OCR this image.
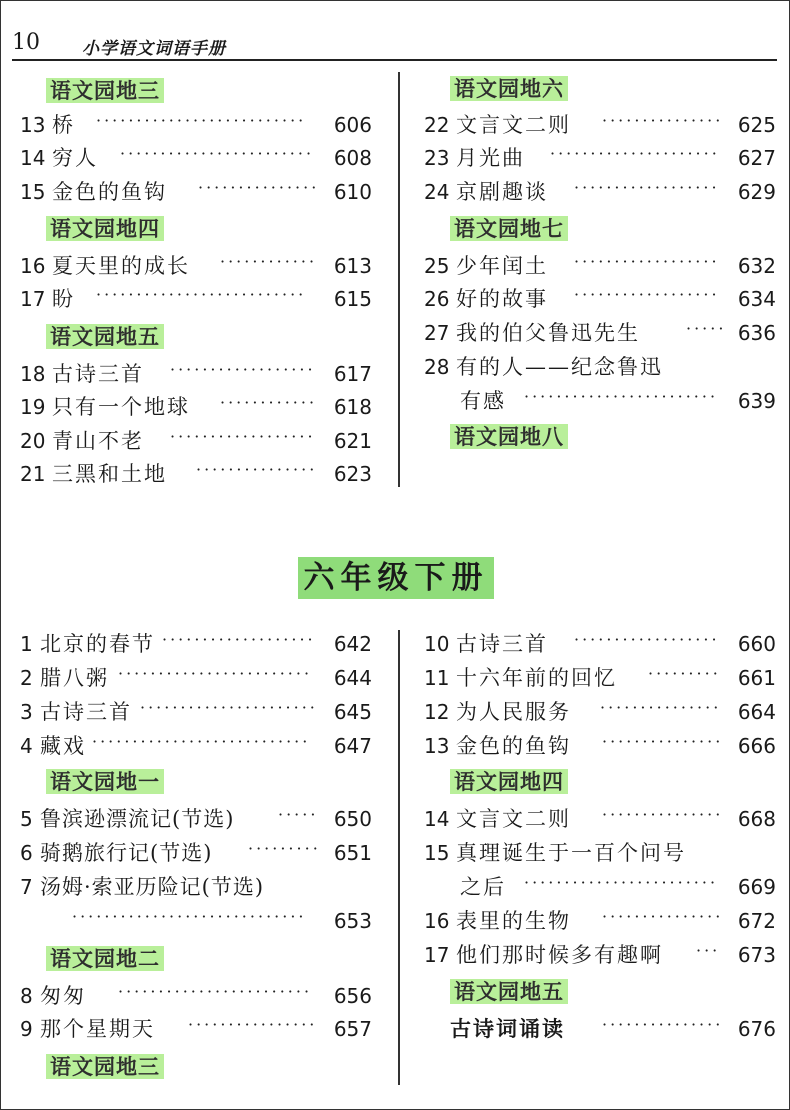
10 小学语文词语手册
语文园地三
13 桥 ··························	606
14 穷人 ························ 608
15 金色的鱼钩 ··············· 610
语文园地四
16 夏天里的成长 ············ 613
17 盼 ··························	615
语文园地五
18 古诗三首 ·················· 617
19 只有一个地球 ············ 618
20 青山不老 ·················· 621
21 三黑和土地 ··············· 623
语文园地六
22 文言文二则 ··············· 625
23 月光曲 ····················· 627
24 京剧趣谈 ·················· 629
语文园地七
25 少年闰土 ·················· 632
26 好的故事 ·················· 634
27 我的伯父鲁迅先生	····· 636
28 有的人——纪念鲁迅
有感 ························ 639
语文园地八
六年级下册
1 北京的春节 ··················· 642
2 腊八粥 ························	644
3 古诗三首 ······················ 645
4 藏戏 ···························	647
语文园地一
5 鲁滨逊漂流记(节选)	····· 650
6 骑鹅旅行记(节选) ········· 651
7 汤姆·索亚历险记(节选)
·····························	653
语文园地二
8 匆匆 ························	656
9 那个星期天 ················ 657
语文园地三
10 古诗三首 ·················· 660
11 十六年前的回忆 ········· 661
12 为人民服务 ··············· 664
13 金色的鱼钩 ··············· 666
语文园地四
14 文言文二则 ··············· 668
15 真理诞生于一百个问号
之后 ························ 669
16 表里的生物 ··············· 672
17 他们那时候多有趣啊 ··· 673
语文园地五
古诗词诵读 ··············· 676
